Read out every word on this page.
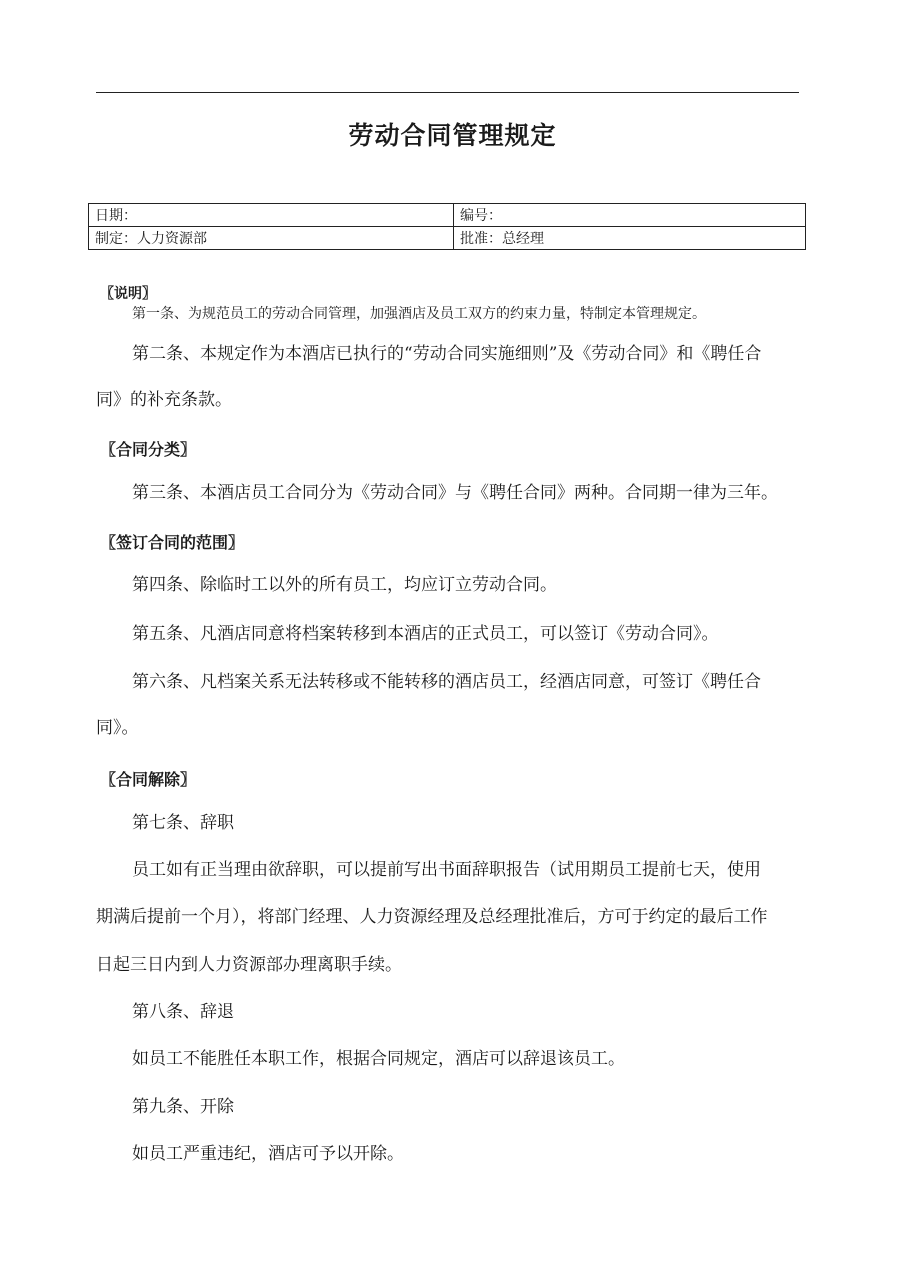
劳动合同管理规定
日期：	编号：
制定：人力资源部	批准：总经理
〖说明〗
第一条、为规范员工的劳动合同管理，加强酒店及员工双方的约束力量，特制定本管理规定。
第二条、本规定作为本酒店已执行的“劳动合同实施细则”及《劳动合同》和《聘任合
同》的补充条款。
〖合同分类〗
第三条、本酒店员工合同分为《劳动合同》与《聘任合同》两种。合同期一律为三年。
〖签订合同的范围〗
第四条、除临时工以外的所有员工，均应订立劳动合同。
第五条、凡酒店同意将档案转移到本酒店的正式员工，可以签订《劳动合同》。
第六条、凡档案关系无法转移或不能转移的酒店员工，经酒店同意，可签订《聘任合
同》。
〖合同解除〗
第七条、辞职
员工如有正当理由欲辞职，可以提前写出书面辞职报告（试用期员工提前七天，使用
期满后提前一个月），将部门经理、人力资源经理及总经理批准后，方可于约定的最后工作
日起三日内到人力资源部办理离职手续。
第八条、辞退
如员工不能胜任本职工作，根据合同规定，酒店可以辞退该员工。
第九条、开除
如员工严重违纪，酒店可予以开除。
